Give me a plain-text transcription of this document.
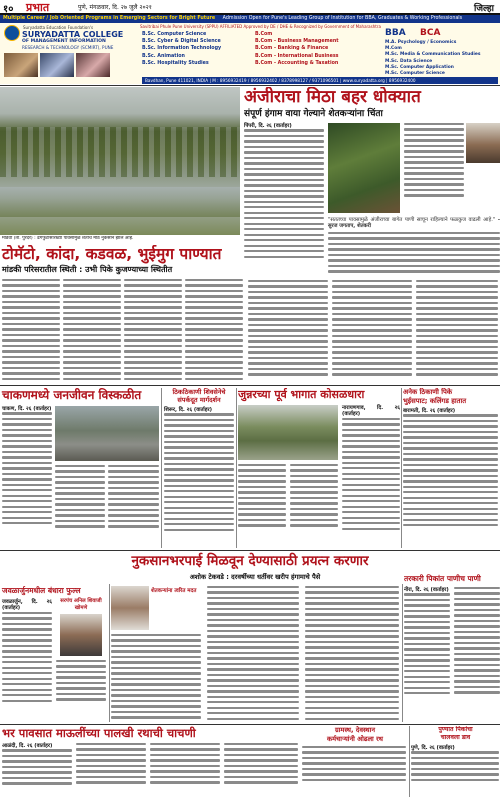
१० प्रभात	पुणे, मंगळवार, दि. २७ जुलै २०२१	जिल्हा
Multiple Career / Job Oriented Programs in Emerging Sectors for Bright Future Admission Open for Pune's Leading Group of Institution for BBA, Graduates & Working Professionals
Savitribai Phule Pune University (SPPU) AFFILIATED Approved by DE / DHE & Recognized by Government of Maharashtra
Suryadatta Education Foundation's
SURYADATTA COLLEGE
OF MANAGEMENT INFORMATION
RESEARCH & TECHNOLOGY (SCMIRT), PUNE
B.Sc. Computer Science
B.Sc. Cyber & Digital Science
B.Sc. Information Technology
B.Sc. Animation
B.Sc. Hospitality Studies
B.Com
B.Com - Business Management
B.Com - Banking & Finance
B.Com - International Business
B.Com - Accounting & Taxation
BBA BCA
M.A. Psychology / Economics
M.Com
M.Sc. Media & Communication Studies
M.Sc. Data Science
M.Sc. Computer Application
M.Sc. Computer Science
Bavdhan, Pune 411021, INDIA | M : 8956932419 / 8956932402 / 8378998127 / 9371096501 | www.suryadatta.org | 8956932400
मांडवी (ता. पुरंदर) : ढगफुटीसारख्या पावसामुळे शेतीचे मोठे नुकसान झाले आहे.
अंजीराचा मिठा बहर धोक्यात
संपूर्ण हंगाम वाया गेल्याने शेतकऱ्यांना चिंता
पिंपरी, दि. २६ (वार्ताहर)
"सततच्या पावसामुळे अंजीराच्या बागेत पाणी साचून राहिल्याने फळकुज वाढली आहे." - सुरज जगताप, शेतकरी
टोमॅटो, कांदा, कडवळ, भुईमुग पाण्यात
मांडकी परिसरातील स्थिती : उभी पिके कुजण्याच्या स्थितीत
चाकणमध्ये जनजीवन विस्कळीत
चाकण, दि. २६ (वार्ताहर)
ठिकठिकाणी शिवसेनेचे
संपर्कदूत मार्गदर्शन
शिरूर, दि. २६ (वार्ताहर)
जुन्नरच्या पूर्व भागात कोसळधारा
नारायणगाव, दि. २६ (वार्ताहर)
अनेक ठिकाणी पिके
भुईसपाट; कलिंगड हातात
बारामती, दि. २६ (वार्ताहर)
नुकसानभरपाई मिळवून देण्यासाठी प्रयत्न करणार
अशोक टेकवडे : दरवर्षीच्या धर्तीवर खरीप हंगामाचे पैसे
जवळार्जुनमधील बंधारा फुल्ल
जवळार्जुन, दि. २६ (वार्ताहर)
सरपंच अनिल शिवाजी खोमणे
शेतकऱ्यांना त्वरित मदत
तरकारी पिकांत पाणीच पाणी
नीरा, दि. २६ (वार्ताहर)
भर पावसात माऊलींच्या पालखी रथाची चाचणी
आळंदी, दि. २६ (वार्ताहर)
ग्रामस्थ, देवस्थान
कर्मचाऱ्यांनी ओढला रथ
पुण्यात पिकांचा
चालवला डाव
पुणे, दि. २६ (वार्ताहर)
